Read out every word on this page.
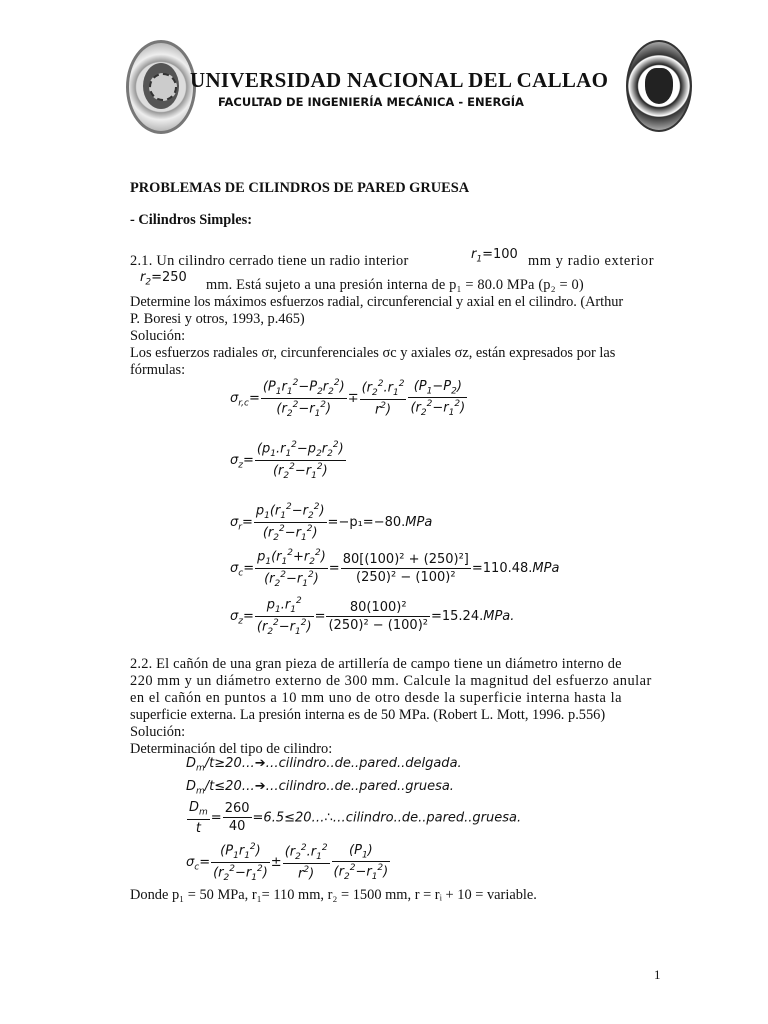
UNIVERSIDAD NACIONAL DEL CALLAO
FACULTAD DE INGENIERÍA MECÁNICA - ENERGÍA
PROBLEMAS DE CILINDROS DE PARED GRUESA
- Cilindros Simples:
2.1. Un cilindro cerrado tiene un radio interior	$r_1=100$ mm y radio exterior
$r_2=250$ mm. Está sujeto a una presión interna de p₁ = 80.0 MPa (p₂ = 0)
Determine los máximos esfuerzos radial, circunferencial y axial en el cilindro. (Arthur
P. Boresi y otros, 1993, p.465)
Solución:
Los esfuerzos radiales σr, circunferenciales σc y axiales σz, están expresados por las
fórmulas:
$\sigma_{r,c}= \frac{(P_1r_1^2-P_2r_2^2)}{(r_2^2-r_1^2)} \mp \frac{(r_2^2.r_1^2}{r^2)} \frac{(P_1-P_2)}{(r_2^2-r_1^2)}$
$\sigma_z= \frac{(p_1.r_1^2-p_2r_2^2)}{(r_2^2-r_1^2)}$
$\sigma_r= \frac{p_1(r_1^2-r_2^2)}{(r_2^2-r_1^2)} =-p_1=-80.MPa$
$\sigma_c= \frac{p_1(r_1^2+r_2^2)}{(r_2^2-r_1^2)} = \frac{\text{80[(100)² + (250)²]}}{\text{(250)² − (100)²}} =110.48.MPa$
$\sigma_z= \frac{p_1.r_1^2}{(r_2^2-r_1^2)} = \frac{\text{80(100)²}}{\text{(250)² − (100)²}} =15.24.MPa$.
2.2. El cañón de una gran pieza de artillería de campo tiene un diámetro interno de
220 mm y un diámetro externo de 300 mm. Calcule la magnitud del esfuerzo anular
en el cañón en puntos a 10 mm uno de otro desde la superficie interna hasta la
superficie externa. La presión interna es de 50 MPa. (Robert L. Mott, 1996. p.556)
Solución:
Determinación del tipo de cilindro:
$D_m/t\ge 20\dots➔\dots cilindro..de..pared..delgada$.
$D_m/t\le 20\dots➔\dots cilindro..de..pared..gruesa$.
$\frac{D_m}{t} = \frac{260}{40}$ =6.5≤20…∴…cilindro..de..pared..gruesa.
$\sigma_c= \frac{(P_1r_1^2)}{(r_2^2-r_1^2)} \pm \frac{(r_2^2.r_1^2}{r^2)} \frac{(P_1)}{(r_2^2-r_1^2)}$
Donde p₁ = 50 MPa, r₁= 110 mm, r₂ = 1500 mm, r = rᵢ + 10 = variable.
1
